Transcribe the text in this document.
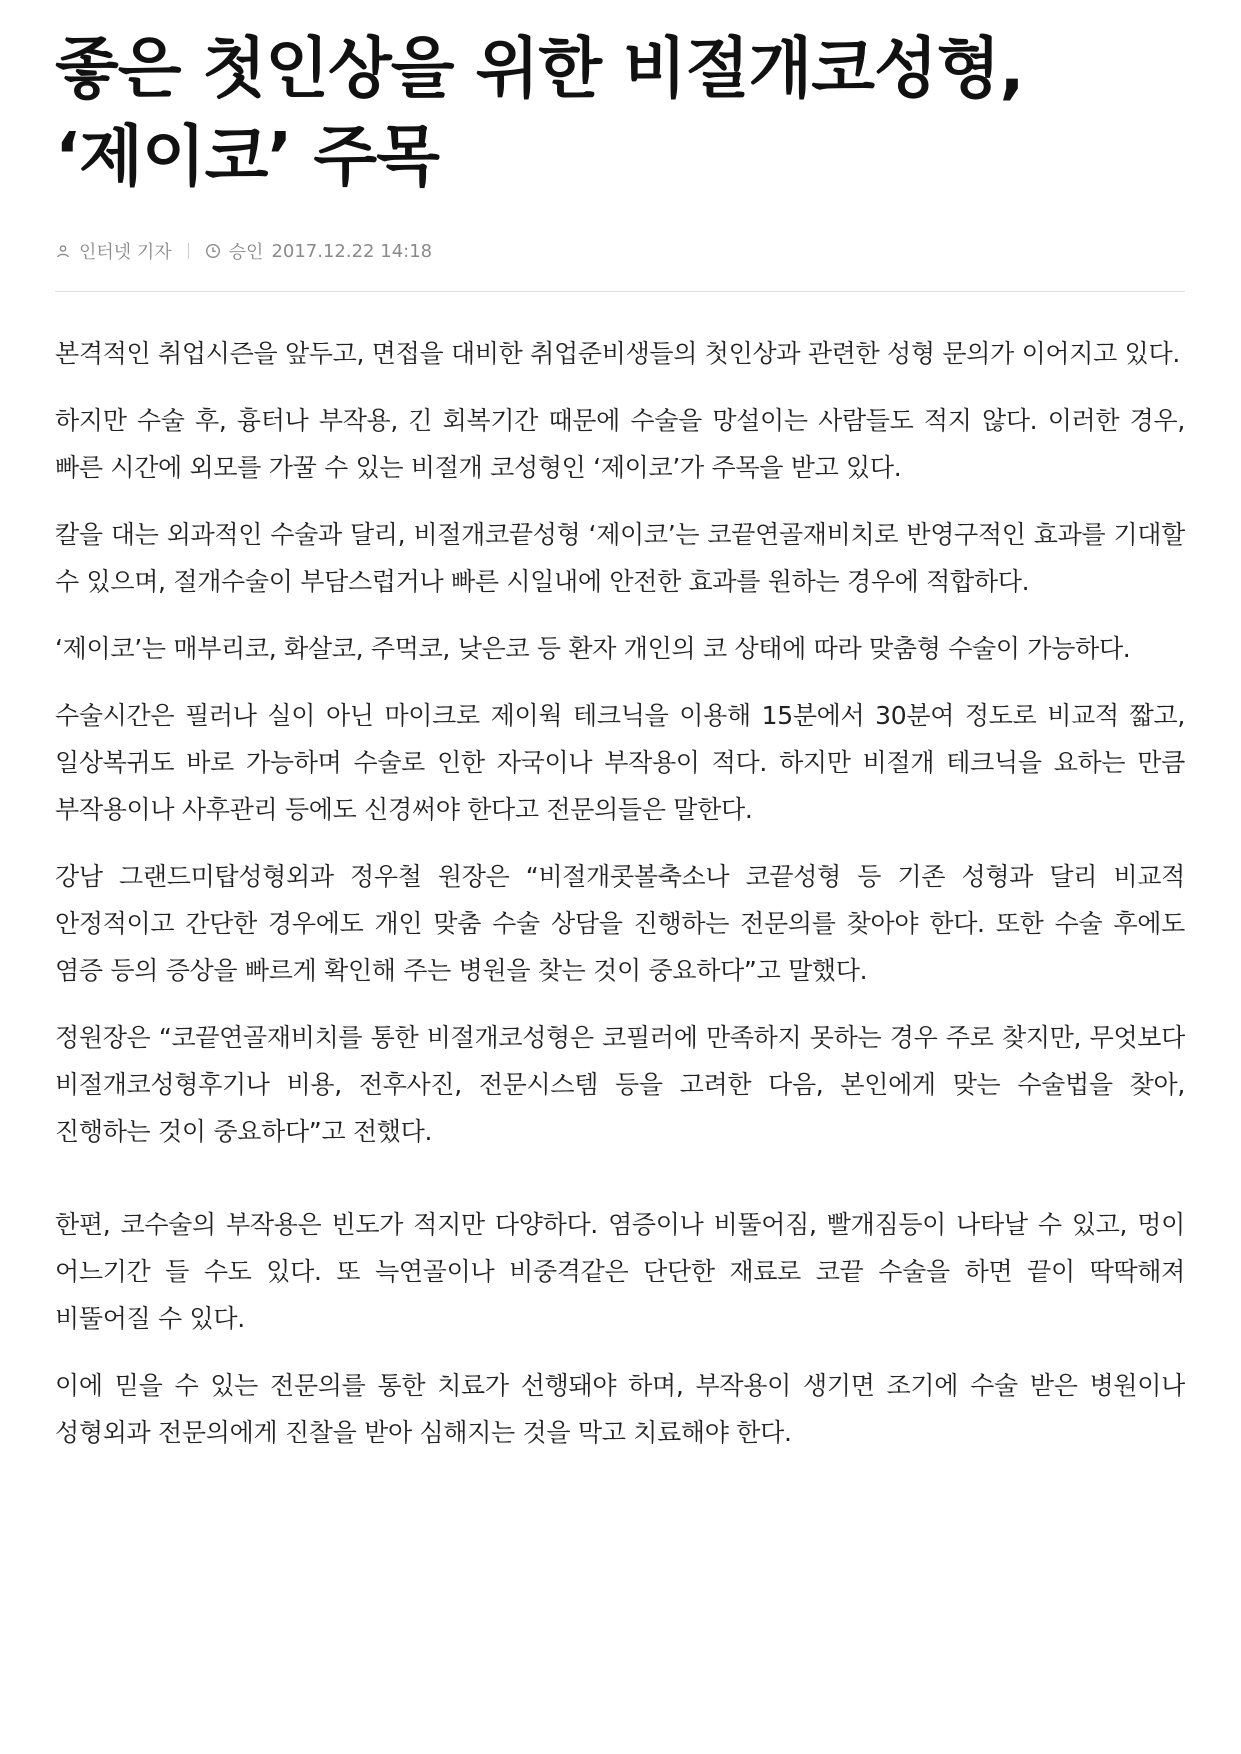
좋은 첫인상을 위한 비절개코성형, ‘제이코’ 주목
인터넷 기자	승인 2017.12.22 14:18

본격적인 취업시즌을 앞두고, 면접을 대비한 취업준비생들의 첫인상과 관련한 성형 문의가 이어지고 있다.

하지만 수술 후, 흉터나 부작용, 긴 회복기간 때문에 수술을 망설이는 사람들도 적지 않다. 이러한 경우, 빠른 시간에 외모를 가꿀 수 있는 비절개 코성형인 ‘제이코’가 주목을 받고 있다.

칼을 대는 외과적인 수술과 달리, 비절개코끝성형 ‘제이코’는 코끝연골재비치로 반영구적인 효과를 기대할 수 있으며, 절개수술이 부담스럽거나 빠른 시일내에 안전한 효과를 원하는 경우에 적합하다.

‘제이코’는 매부리코, 화살코, 주먹코, 낮은코 등 환자 개인의 코 상태에 따라 맞춤형 수술이 가능하다.

수술시간은 필러나 실이 아닌 마이크로 제이웍 테크닉을 이용해 15분에서 30분여 정도로 비교적 짧고, 일상복귀도 바로 가능하며 수술로 인한 자국이나 부작용이 적다. 하지만 비절개 테크닉을 요하는 만큼 부작용이나 사후관리 등에도 신경써야 한다고 전문의들은 말한다.

강남 그랜드미탑성형외과 정우철 원장은 “비절개콧볼축소나 코끝성형 등 기존 성형과 달리 비교적 안정적이고 간단한 경우에도 개인 맞춤 수술 상담을 진행하는 전문의를 찾아야 한다. 또한 수술 후에도 염증 등의 증상을 빠르게 확인해 주는 병원을 찾는 것이 중요하다”고 말했다.

정원장은 “코끝연골재비치를 통한 비절개코성형은 코필러에 만족하지 못하는 경우 주로 찾지만, 무엇보다 비절개코성형후기나 비용, 전후사진, 전문시스템 등을 고려한 다음, 본인에게 맞는 수술법을 찾아, 진행하는 것이 중요하다”고 전했다.

한편, 코수술의 부작용은 빈도가 적지만 다양하다. 염증이나 비뚤어짐, 빨개짐등이 나타날 수 있고, 멍이 어느기간 들 수도 있다. 또 늑연골이나 비중격같은 단단한 재료로 코끝 수술을 하면 끝이 딱딱해져 비뚤어질 수 있다.

이에 믿을 수 있는 전문의를 통한 치료가 선행돼야 하며, 부작용이 생기면 조기에 수술 받은 병원이나 성형외과 전문의에게 진찰을 받아 심해지는 것을 막고 치료해야 한다.
